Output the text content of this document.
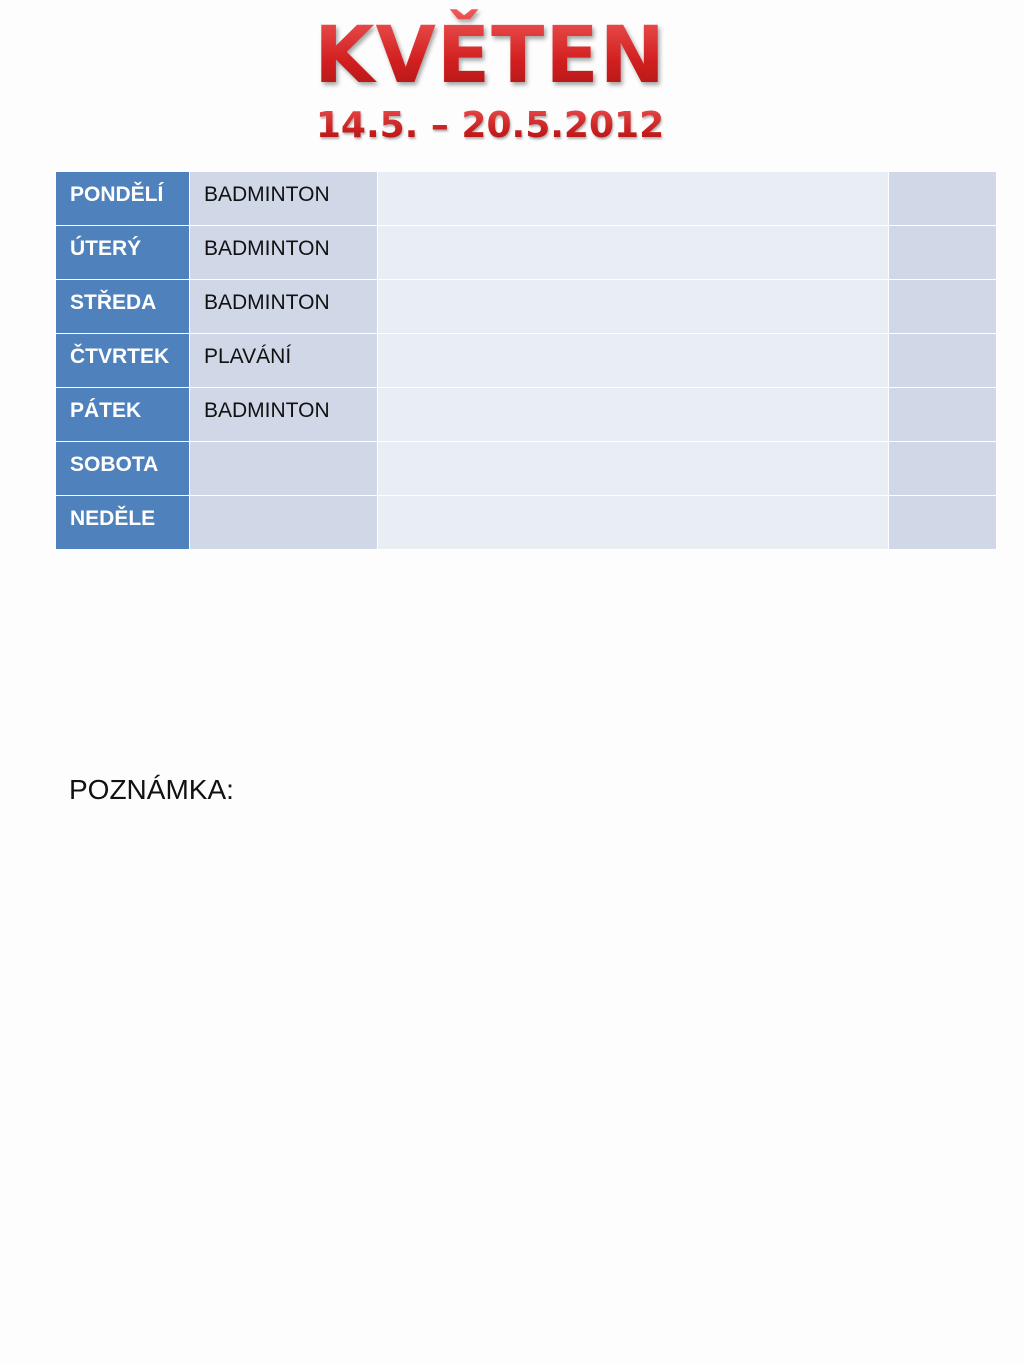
KVĚTEN
14.5. – 20.5.2012
PONDĚLÍ	BADMINTON		
ÚTERÝ	BADMINTON		
STŘEDA	BADMINTON		
ČTVRTEK	PLAVÁNÍ		
PÁTEK	BADMINTON		
SOBOTA			
NEDĚLE			
POZNÁMKA:
